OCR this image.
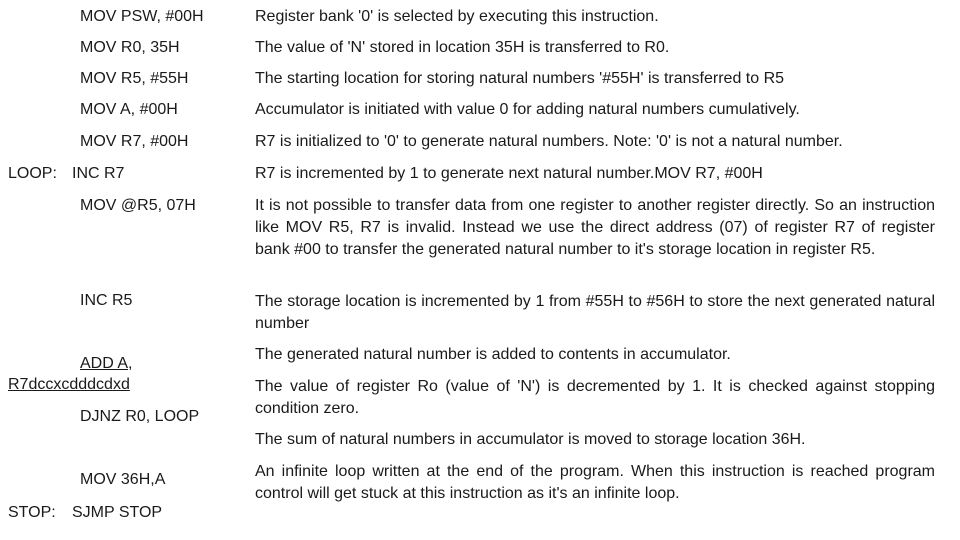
MOV PSW, #00H
MOV R0, 35H
MOV R5, #55H
MOV A, #00H
MOV R7, #00H
LOOP: INC R7
MOV @R5, 07H
INC R5
ADD A,
R7dccxcdddcdxd
DJNZ R0, LOOP
MOV 36H,A
STOP: SJMP STOP
Register bank '0' is selected by executing this instruction.
The value of 'N' stored in location 35H is transferred to R0.
The starting location for storing natural numbers '#55H' is transferred to R5
Accumulator is initiated with value 0 for adding natural numbers cumulatively.
R7 is initialized to '0' to generate natural numbers. Note: '0' is not a natural number.
R7 is incremented by 1 to generate next natural number.MOV R7, #00H
It is not possible to transfer data from one register to another register directly. So an instruction like MOV R5, R7 is invalid. Instead we use the direct address (07) of register R7 of register bank #00 to transfer the generated natural number to it's storage location in register R5.
The storage location is incremented by 1 from #55H to #56H to store the next generated natural number
The generated natural number is added to contents in accumulator.
The value of register Ro (value of 'N') is decremented by 1. It is checked against stopping condition zero.
The sum of natural numbers in accumulator is moved to storage location 36H.
An infinite loop written at the end of the program. When this instruction is reached program control will get stuck at this instruction as it's an infinite loop.
